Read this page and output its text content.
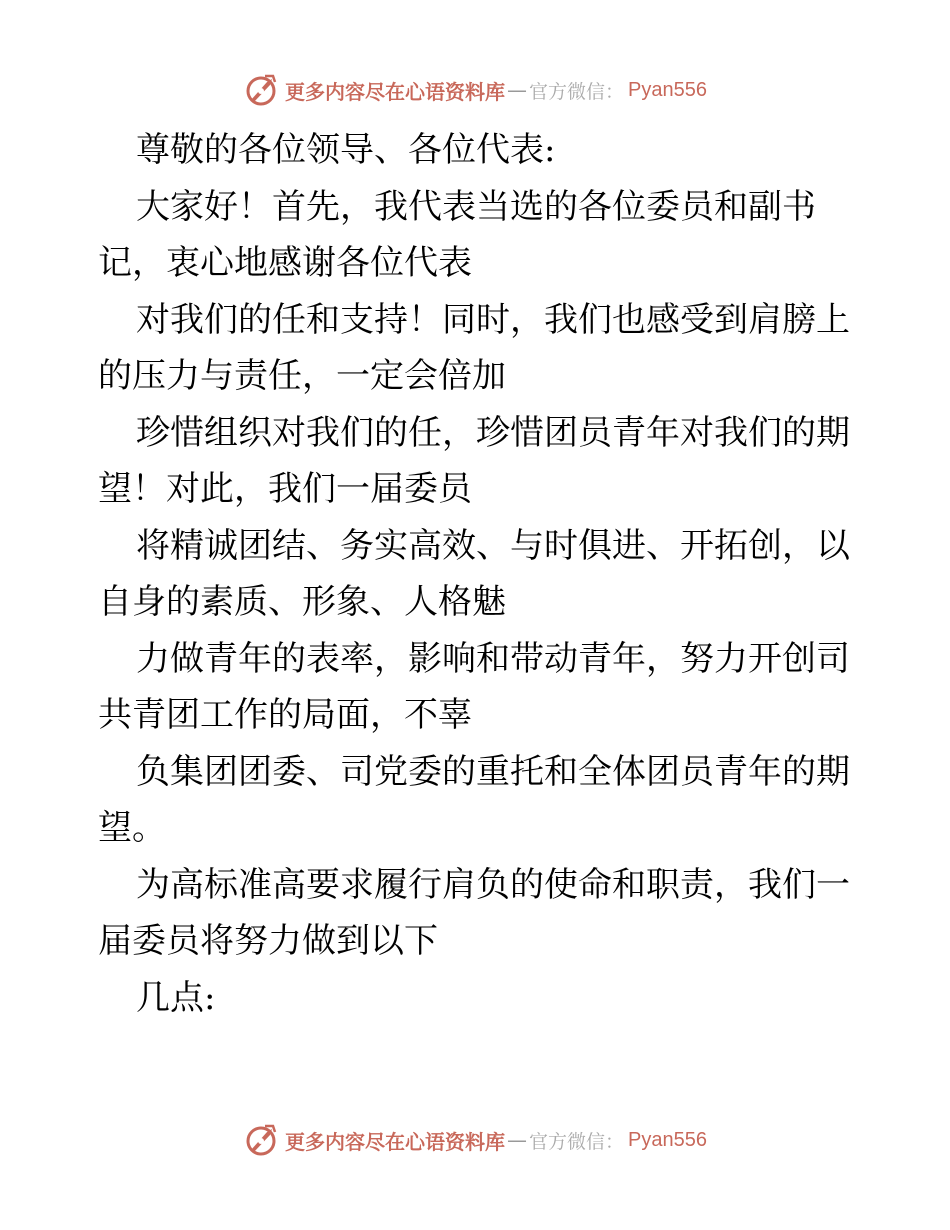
更多内容尽在心语资料库 — 官方微信： Pyan556

尊敬的各位领导、各位代表:

大家好！首先，我代表当选的各位委员和副书记，衷心地感谢各位代表

对我们的任和支持！同时，我们也感受到肩膀上的压力与责任，一定会倍加

珍惜组织对我们的任，珍惜团员青年对我们的期望！对此，我们一届委员

将精诚团结、务实高效、与时俱进、开拓创，以自身的素质、形象、人格魅

力做青年的表率，影响和带动青年，努力开创司共青团工作的局面，不辜

负集团团委、司党委的重托和全体团员青年的期望。

为高标准高要求履行肩负的使命和职责，我们一届委员将努力做到以下

几点:

更多内容尽在心语资料库 — 官方微信： Pyan556
